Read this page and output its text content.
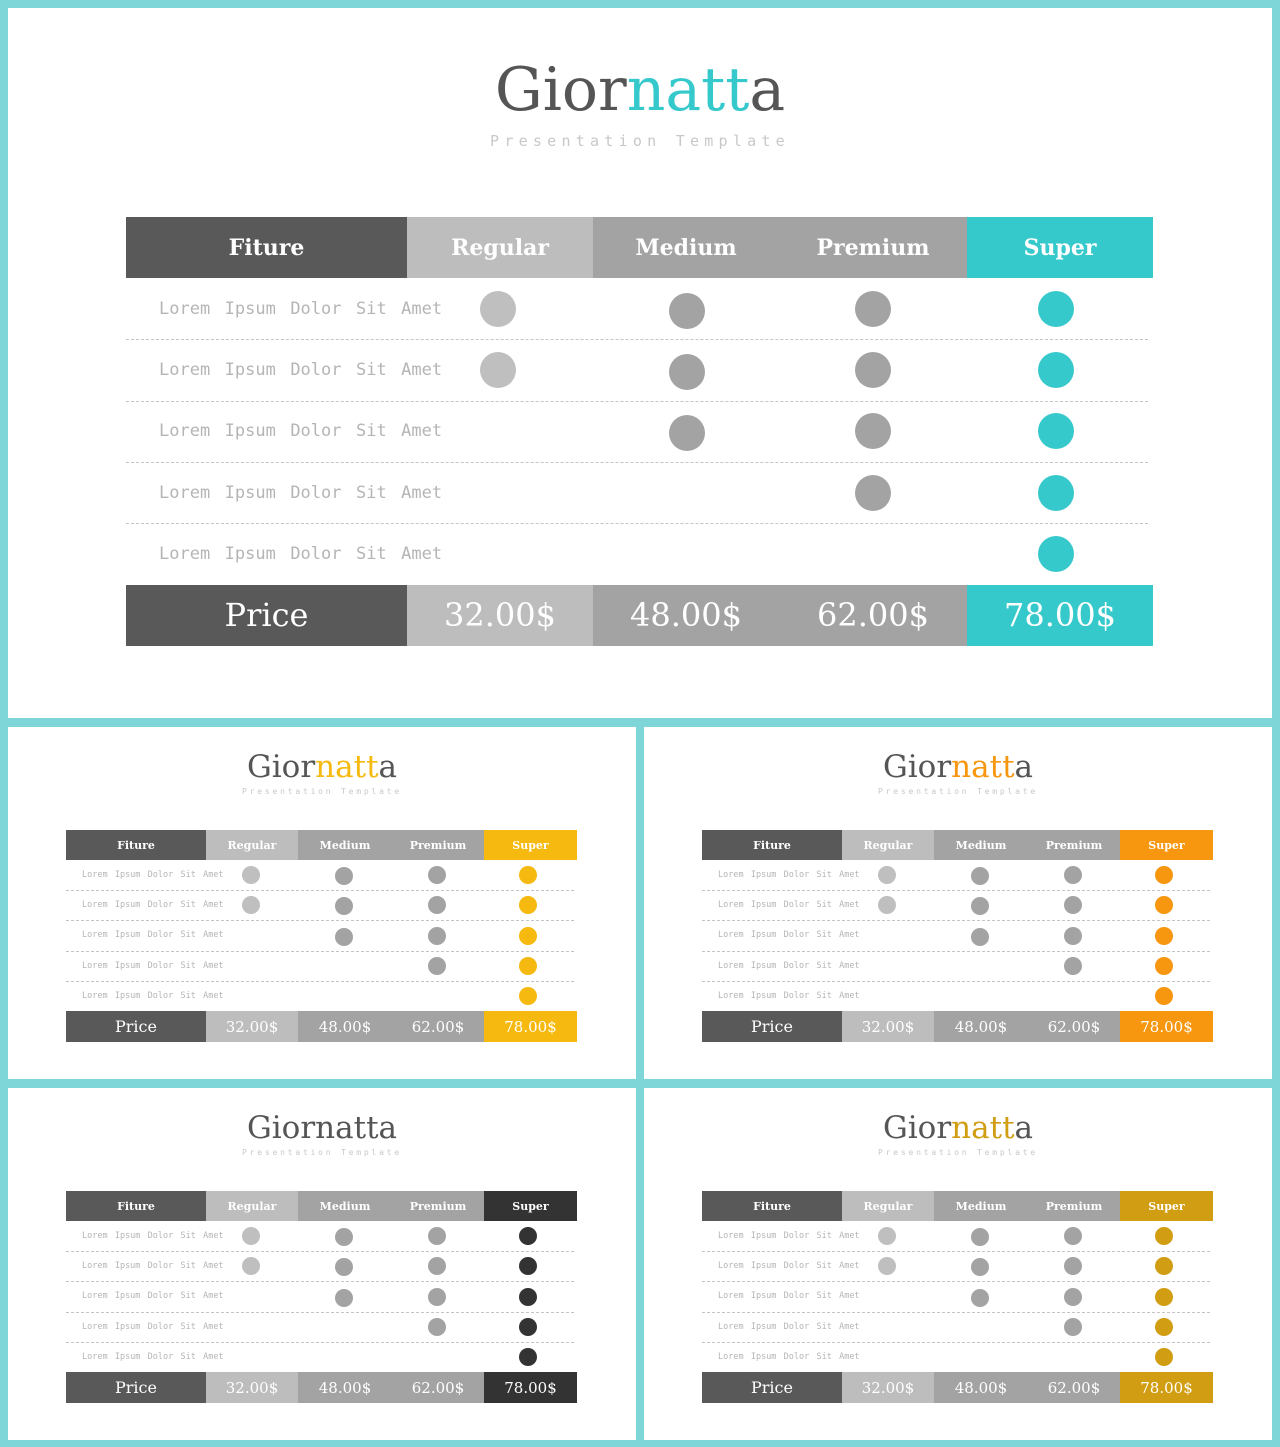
Giornatta
Presentation Template
Fiture	Regular	Medium	Premium	Super
Lorem Ipsum Dolor Sit Amet
Lorem Ipsum Dolor Sit Amet
Lorem Ipsum Dolor Sit Amet
Lorem Ipsum Dolor Sit Amet
Lorem Ipsum Dolor Sit Amet
Price	32.00$	48.00$	62.00$	78.00$
Giornatta
Presentation Template
Fiture	Regular	Medium	Premium	Super
Lorem Ipsum Dolor Sit Amet
Lorem Ipsum Dolor Sit Amet
Lorem Ipsum Dolor Sit Amet
Lorem Ipsum Dolor Sit Amet
Lorem Ipsum Dolor Sit Amet
Price	32.00$	48.00$	62.00$	78.00$
Giornatta
Presentation Template
Fiture	Regular	Medium	Premium	Super
Lorem Ipsum Dolor Sit Amet
Lorem Ipsum Dolor Sit Amet
Lorem Ipsum Dolor Sit Amet
Lorem Ipsum Dolor Sit Amet
Lorem Ipsum Dolor Sit Amet
Price	32.00$	48.00$	62.00$	78.00$
Giornatta
Presentation Template
Fiture	Regular	Medium	Premium	Super
Lorem Ipsum Dolor Sit Amet
Lorem Ipsum Dolor Sit Amet
Lorem Ipsum Dolor Sit Amet
Lorem Ipsum Dolor Sit Amet
Lorem Ipsum Dolor Sit Amet
Price	32.00$	48.00$	62.00$	78.00$
Giornatta
Presentation Template
Fiture	Regular	Medium	Premium	Super
Lorem Ipsum Dolor Sit Amet
Lorem Ipsum Dolor Sit Amet
Lorem Ipsum Dolor Sit Amet
Lorem Ipsum Dolor Sit Amet
Lorem Ipsum Dolor Sit Amet
Price	32.00$	48.00$	62.00$	78.00$
